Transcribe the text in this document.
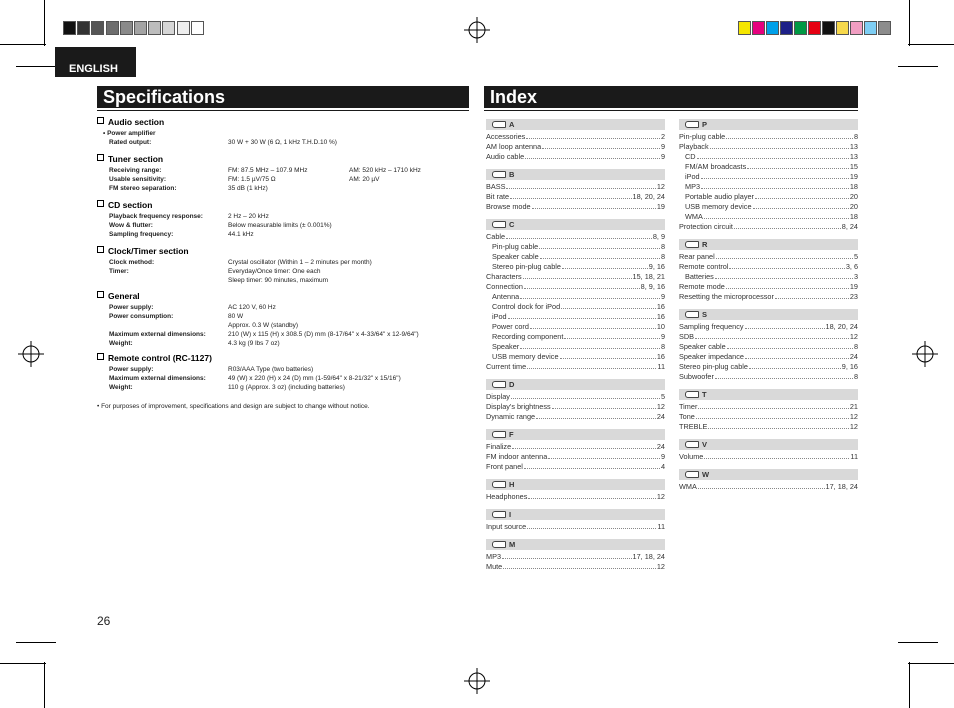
ENGLISH
Specifications
Audio section
• Power amplifier
Rated output:	30 W + 30 W (6 Ω, 1 kHz T.H.D.10 %)
Tuner section
Receiving range:	FM: 87.5 MHz – 107.9 MHz	AM: 520 kHz – 1710 kHz
Usable sensitivity:	FM: 1.5 µV/75 Ω	AM: 20 µV
FM stereo separation:	35 dB (1 kHz)
CD section
Playback frequency response:	2 Hz – 20 kHz
Wow & flutter:	Below measurable limits (± 0.001%)
Sampling frequency:	44.1 kHz
Clock/Timer section
Clock method:	Crystal oscillator (Within 1 – 2 minutes per month)
Timer:	Everyday/Once timer: One each
Sleep timer: 90 minutes, maximum
General
Power supply:	AC 120 V, 60 Hz
Power consumption:	80 W
Approx. 0.3 W (standby)
Maximum external dimensions:	210 (W) x 115 (H) x 308.5 (D) mm (8-17/64" x 4-33/64" x 12-9/64")
Weight:	4.3 kg (9 lbs 7 oz)
Remote control (RC-1127)
Power supply:	R03/AAA Type (two batteries)
Maximum external dimensions:	49 (W) x 220 (H) x 24 (D) mm (1-59/64" x 8-21/32" x 15/16")
Weight:	110 g (Approx. 3 oz) (including batteries)
• For purposes of improvement, specifications and design are subject to change without notice.
Index
A
Accessories	2
AM loop antenna	9
Audio cable	9
B
BASS	12
Bit rate	18, 20, 24
Browse mode	19
C
Cable	8, 9
Pin-plug cable	8
Speaker cable	8
Stereo pin-plug cable	9, 16
Characters	15, 18, 21
Connection	8, 9, 16
Antenna	9
Control dock for iPod	16
iPod	16
Power cord	10
Recording component	9
Speaker	8
USB memory device	16
Current time	11
D
Display	5
Display's brightness	12
Dynamic range	24
F
Finalize	24
FM indoor antenna	9
Front panel	4
H
Headphones	12
I
Input source	11
M
MP3	17, 18, 24
Mute	12
P
Pin-plug cable	8
Playback	13
CD	13
FM/AM broadcasts	15
iPod	19
MP3	18
Portable audio player	20
USB memory device	20
WMA	18
Protection circuit	8, 24
R
Rear panel	5
Remote control	3, 6
Batteries	3
Remote mode	19
Resetting the microprocessor	23
S
Sampling frequency	18, 20, 24
SDB	12
Speaker cable	8
Speaker impedance	24
Stereo pin-plug cable	9, 16
Subwoofer	8
T
Timer	21
Tone	12
TREBLE	12
V
Volume	11
W
WMA	17, 18, 24
26
